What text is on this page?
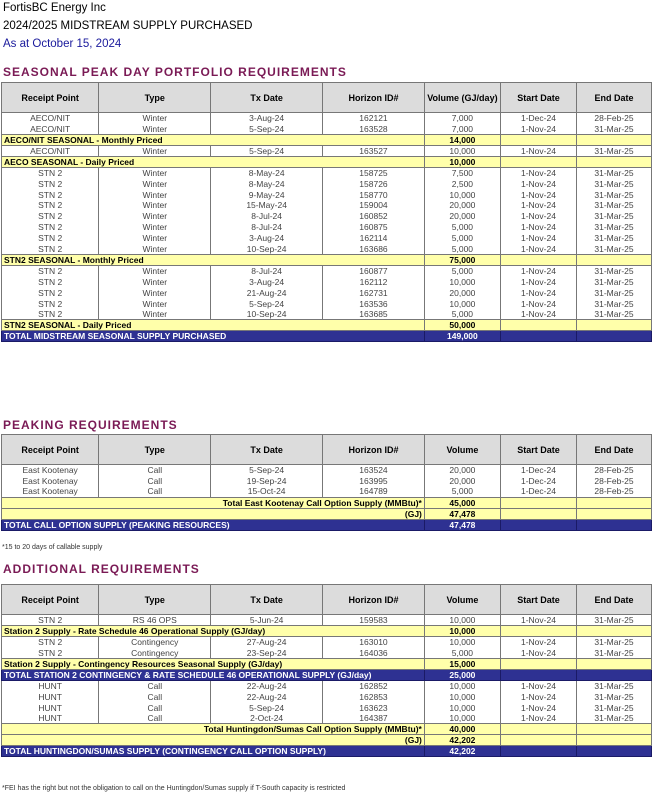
FortisBC Energy Inc
2024/2025 MIDSTREAM SUPPLY PURCHASED
As at October 15, 2024
SEASONAL PEAK DAY PORTFOLIO REQUIREMENTS
Receipt Point	Type	Tx Date	Horizon ID#	Volume (GJ/day)	Start Date	End Date
AECO/NIT	Winter	3-Aug-24	162121	7,000	1-Dec-24	28-Feb-25
AECO/NIT	Winter	5-Sep-24	163528	7,000	1-Nov-24	31-Mar-25
AECO/NIT SEASONAL - Monthly Priced				14,000		
AECO/NIT	Winter	5-Sep-24	163527	10,000	1-Nov-24	31-Mar-25
AECO SEASONAL - Daily Priced				10,000		
STN 2	Winter	8-May-24	158725	7,500	1-Nov-24	31-Mar-25
STN 2	Winter	8-May-24	158726	2,500	1-Nov-24	31-Mar-25
STN 2	Winter	9-May-24	158770	10,000	1-Nov-24	31-Mar-25
STN 2	Winter	15-May-24	159004	20,000	1-Nov-24	31-Mar-25
STN 2	Winter	8-Jul-24	160852	20,000	1-Nov-24	31-Mar-25
STN 2	Winter	8-Jul-24	160875	5,000	1-Nov-24	31-Mar-25
STN 2	Winter	3-Aug-24	162114	5,000	1-Nov-24	31-Mar-25
STN 2	Winter	10-Sep-24	163686	5,000	1-Nov-24	31-Mar-25
STN2 SEASONAL - Monthly Priced				75,000		
STN 2	Winter	8-Jul-24	160877	5,000	1-Nov-24	31-Mar-25
STN 2	Winter	3-Aug-24	162112	10,000	1-Nov-24	31-Mar-25
STN 2	Winter	21-Aug-24	162731	20,000	1-Nov-24	31-Mar-25
STN 2	Winter	5-Sep-24	163536	10,000	1-Nov-24	31-Mar-25
STN 2	Winter	10-Sep-24	163685	5,000	1-Nov-24	31-Mar-25
STN2 SEASONAL - Daily Priced				50,000		
TOTAL MIDSTREAM SEASONAL SUPPLY PURCHASED				149,000		
PEAKING REQUIREMENTS
Receipt Point	Type	Tx Date	Horizon ID#	Volume	Start Date	End Date
East Kootenay	Call	5-Sep-24	163524	20,000	1-Dec-24	28-Feb-25
East Kootenay	Call	19-Sep-24	163995	20,000	1-Dec-24	28-Feb-25
East Kootenay	Call	15-Oct-24	164789	5,000	1-Dec-24	28-Feb-25
Total East Kootenay Call Option Supply (MMBtu)*				45,000		
(GJ)				47,478		
TOTAL CALL OPTION SUPPLY (PEAKING RESOURCES)				47,478		
*15 to 20 days of callable supply
ADDITIONAL REQUIREMENTS
Receipt Point	Type	Tx Date	Horizon ID#	Volume	Start Date	End Date
STN 2	RS 46 OPS	5-Jun-24	159583	10,000	1-Nov-24	31-Mar-25
Station 2 Supply - Rate Schedule 46 Operational Supply (GJ/day)				10,000		
STN 2	Contingency	27-Aug-24	163010	10,000	1-Nov-24	31-Mar-25
STN 2	Contingency	23-Sep-24	164036	5,000	1-Nov-24	31-Mar-25
Station 2 Supply - Contingency Resources Seasonal Supply (GJ/day)				15,000		
TOTAL STATION 2 CONTINGENCY & RATE SCHEDULE 46 OPERATIONAL SUPPLY (GJ/day)				25,000		
HUNT	Call	22-Aug-24	162852	10,000	1-Nov-24	31-Mar-25
HUNT	Call	22-Aug-24	162853	10,000	1-Nov-24	31-Mar-25
HUNT	Call	5-Sep-24	163623	10,000	1-Nov-24	31-Mar-25
HUNT	Call	2-Oct-24	164387	10,000	1-Nov-24	31-Mar-25
Total Huntingdon/Sumas Call Option Supply (MMBtu)*				40,000		
(GJ)				42,202		
TOTAL HUNTINGDON/SUMAS SUPPLY (CONTINGENCY CALL OPTION SUPPLY)				42,202		
*FEI has the right but not the obligation to call on the Huntingdon/Sumas supply if T-South capacity is restricted
